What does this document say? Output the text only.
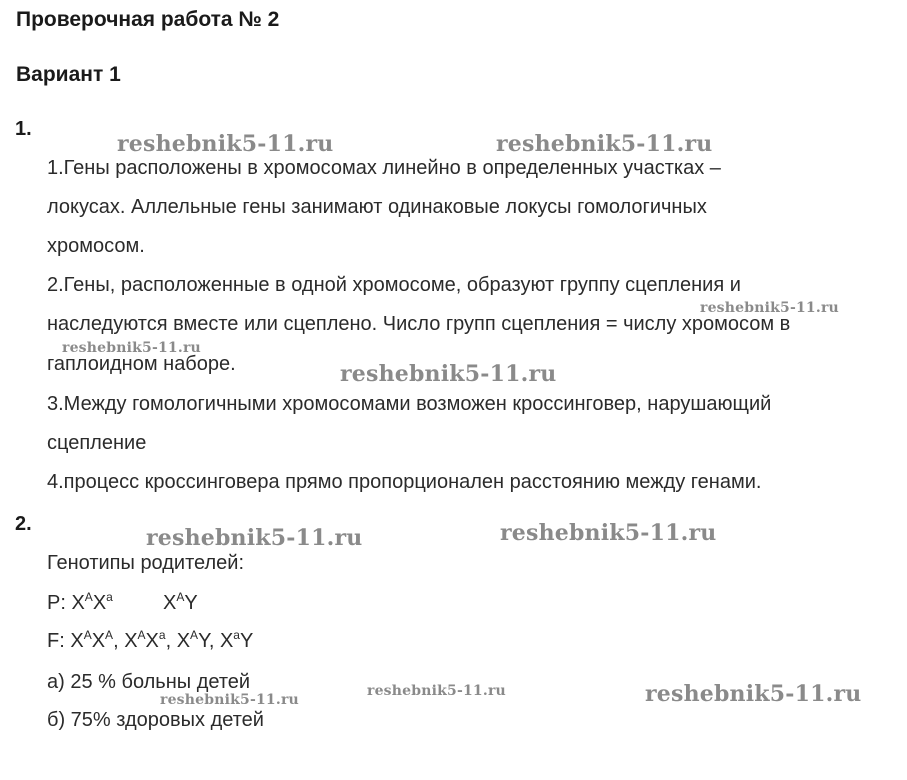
Проверочная работа № 2
Вариант 1
1.
1.Гены расположены в хромосомах линейно в определенных участках –
локусах. Аллельные гены занимают одинаковые локусы гомологичных
хромосом.
2.Гены, расположенные в одной хромосоме, образуют группу сцепления и
наследуются вместе или сцеплено. Число групп сцепления = числу хромосом в
гаплоидном наборе.
3.Между гомологичными хромосомами возможен кроссинговер, нарушающий
сцепление
4.процесс кроссинговера прямо пропорционален расстоянию между генами.
2.
Генотипы родителей:
P: $X^AX^a$	$X^AY$
F: $X^AX^A$, $X^AX^a$, $X^AY$, $X^aY$
а) 25 % больны детей
б) 75% здоровых детей
reshebnik5-11.ru	reshebnik5-11.ru
reshebnik5-11.ru
reshebnik5-11.ru
reshebnik5-11.ru
reshebnik5-11.ru	reshebnik5-11.ru
reshebnik5-11.ru
reshebnik5-11.ru	reshebnik5-11.ru
